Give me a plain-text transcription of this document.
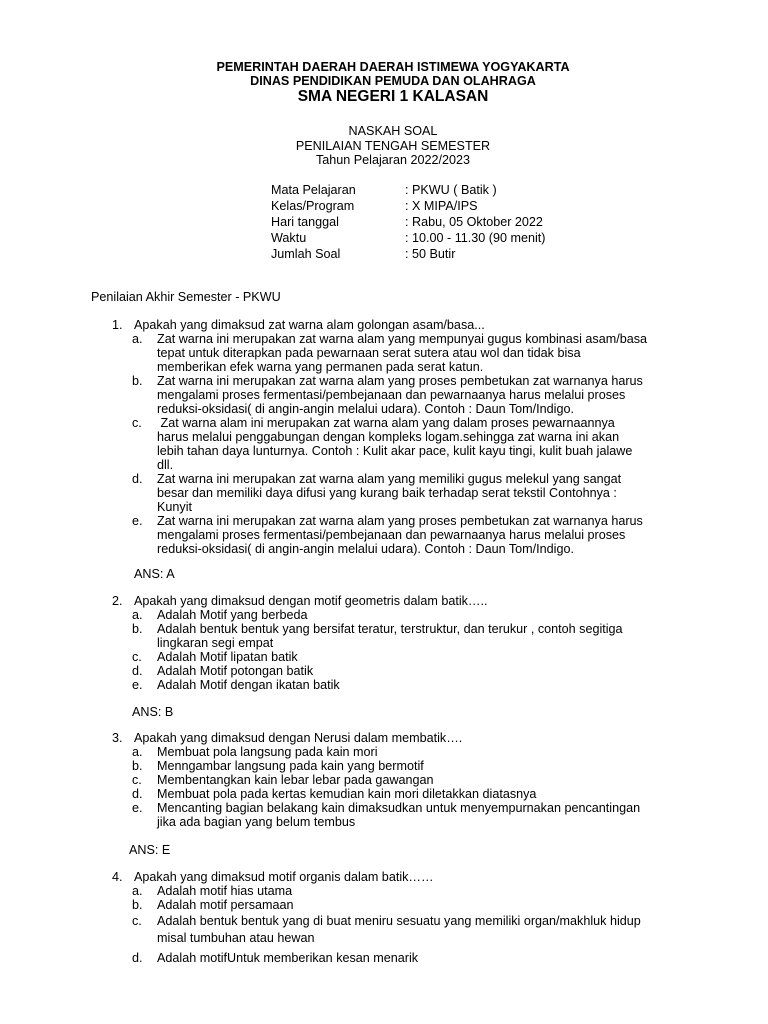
PEMERINTAH DAERAH DAERAH ISTIMEWA YOGYAKARTA
DINAS PENDIDIKAN PEMUDA DAN OLAHRAGA
SMA NEGERI 1 KALASAN
NASKAH SOAL
PENILAIAN TENGAH SEMESTER
Tahun Pelajaran 2022/2023
Mata Pelajaran	: PKWU ( Batik )
Kelas/Program	: X MIPA/IPS
Hari tanggal	: Rabu, 05 Oktober 2022
Waktu	: 10.00 - 11.30 (90 menit)
Jumlah Soal	: 50 Butir
Penilaian Akhir Semester - PKWU
1. Apakah yang dimaksud zat warna alam golongan asam/basa...
a. Zat warna ini merupakan zat warna alam yang mempunyai gugus kombinasi asam/basa
tepat untuk diterapkan pada pewarnaan serat sutera atau wol dan tidak bisa
memberikan efek warna yang permanen pada serat katun.
b. Zat warna ini merupakan zat warna alam yang proses pembetukan zat warnanya harus
mengalami proses fermentasi/pembejanaan dan pewarnaanya harus melalui proses
reduksi-oksidasi( di angin-angin melalui udara). Contoh : Daun Tom/Indigo.
c. Zat warna alam ini merupakan zat warna alam yang dalam proses pewarnaannya
harus melalui penggabungan dengan kompleks logam.sehingga zat warna ini akan
lebih tahan daya lunturnya. Contoh : Kulit akar pace, kulit kayu tingi, kulit buah jalawe
dll.
d. Zat warna ini merupakan zat warna alam yang memiliki gugus melekul yang sangat
besar dan memiliki daya difusi yang kurang baik terhadap serat tekstil Contohnya :
Kunyit
e. Zat warna ini merupakan zat warna alam yang proses pembetukan zat warnanya harus
mengalami proses fermentasi/pembejanaan dan pewarnaanya harus melalui proses
reduksi-oksidasi( di angin-angin melalui udara). Contoh : Daun Tom/Indigo.
ANS: A
2. Apakah yang dimaksud dengan motif geometris dalam batik…..
a. Adalah Motif yang berbeda
b. Adalah bentuk bentuk yang bersifat teratur, terstruktur, dan terukur , contoh segitiga
lingkaran segi empat
c. Adalah Motif lipatan batik
d. Adalah Motif potongan batik
e. Adalah Motif dengan ikatan batik
ANS: B
3. Apakah yang dimaksud dengan Nerusi dalam membatik….
a. Membuat pola langsung pada kain mori
b. Menngambar langsung pada kain yang bermotif
c. Membentangkan kain lebar lebar pada gawangan
d. Membuat pola pada kertas kemudian kain mori diletakkan diatasnya
e. Mencanting bagian belakang kain dimaksudkan untuk menyempurnakan pencantingan
jika ada bagian yang belum tembus
ANS: E
4. Apakah yang dimaksud motif organis dalam batik……
a. Adalah motif hias utama
b. Adalah motif persamaan
c. Adalah bentuk bentuk yang di buat meniru sesuatu yang memiliki organ/makhluk hidup
misal tumbuhan atau hewan
d. Adalah motifUntuk memberikan kesan menarik
